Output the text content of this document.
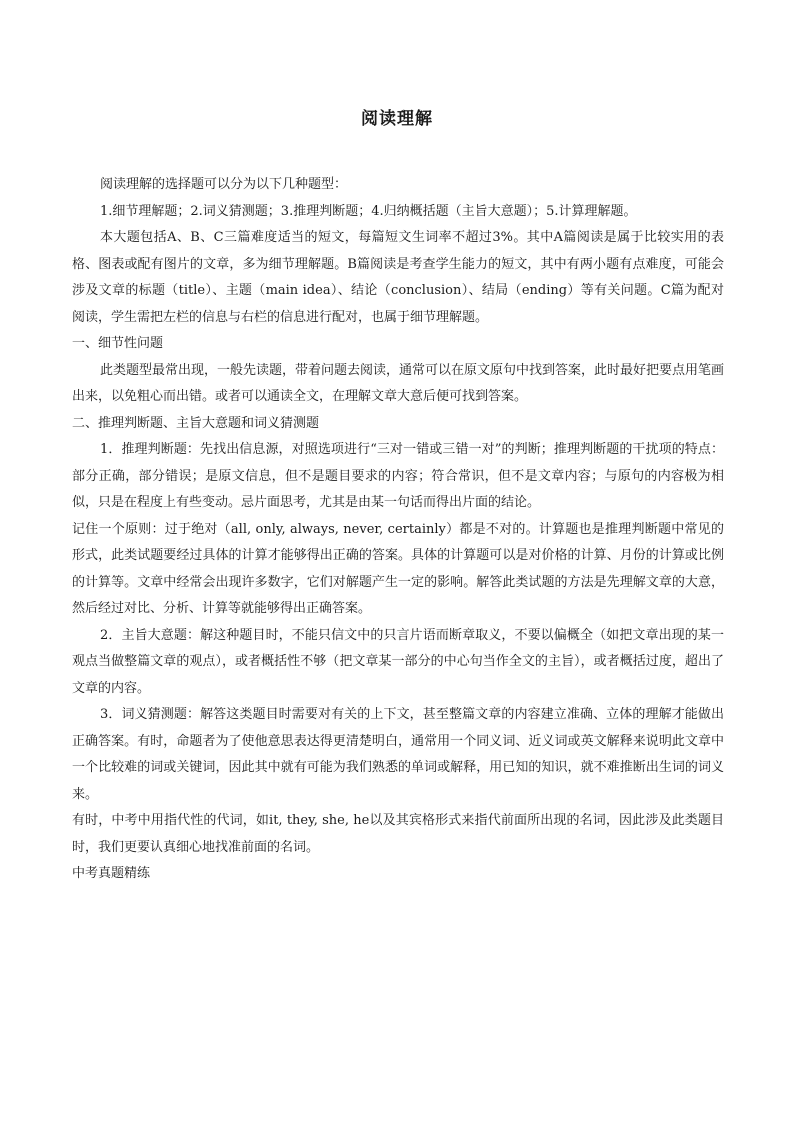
阅读理解

阅读理解的选择题可以分为以下几种题型：

1.细节理解题；2.词义猜测题；3.推理判断题；4.归纳概括题（主旨大意题）；5.计算理解题。

本大题包括A、B、C三篇难度适当的短文，每篇短文生词率不超过3%。其中A篇阅读是属于比较实用的表格、图表或配有图片的文章，多为细节理解题。B篇阅读是考查学生能力的短文，其中有两小题有点难度，可能会涉及文章的标题（title）、主题（main idea）、结论（conclusion）、结局（ending）等有关问题。C篇为配对阅读，学生需把左栏的信息与右栏的信息进行配对，也属于细节理解题。

一、细节性问题

此类题型最常出现，一般先读题，带着问题去阅读，通常可以在原文原句中找到答案，此时最好把要点用笔画出来，以免粗心而出错。或者可以通读全文，在理解文章大意后便可找到答案。

二、推理判断题、主旨大意题和词义猜测题

1．推理判断题：先找出信息源，对照选项进行“三对一错或三错一对”的判断；推理判断题的干扰项的特点：部分正确，部分错误；是原文信息，但不是题目要求的内容；符合常识，但不是文章内容；与原句的内容极为相似，只是在程度上有些变动。忌片面思考，尤其是由某一句话而得出片面的结论。

记住一个原则：过于绝对（all, only, always, never, certainly）都是不对的。计算题也是推理判断题中常见的形式，此类试题要经过具体的计算才能够得出正确的答案。具体的计算题可以是对价格的计算、月份的计算或比例的计算等。文章中经常会出现许多数字，它们对解题产生一定的影响。解答此类试题的方法是先理解文章的大意，然后经过对比、分析、计算等就能够得出正确答案。

2．主旨大意题：解这种题目时，不能只信文中的只言片语而断章取义，不要以偏概全（如把文章出现的某一观点当做整篇文章的观点），或者概括性不够（把文章某一部分的中心句当作全文的主旨），或者概括过度，超出了文章的内容。

3．词义猜测题：解答这类题目时需要对有关的上下文，甚至整篇文章的内容建立准确、立体的理解才能做出正确答案。有时，命题者为了使他意思表达得更清楚明白，通常用一个同义词、近义词或英文解释来说明此文章中一个比较难的词或关键词，因此其中就有可能为我们熟悉的单词或解释，用已知的知识，就不难推断出生词的词义来。

有时，中考中用指代性的代词，如it, they, she, he以及其宾格形式来指代前面所出现的名词，因此涉及此类题目时，我们更要认真细心地找准前面的名词。

中考真题精练
